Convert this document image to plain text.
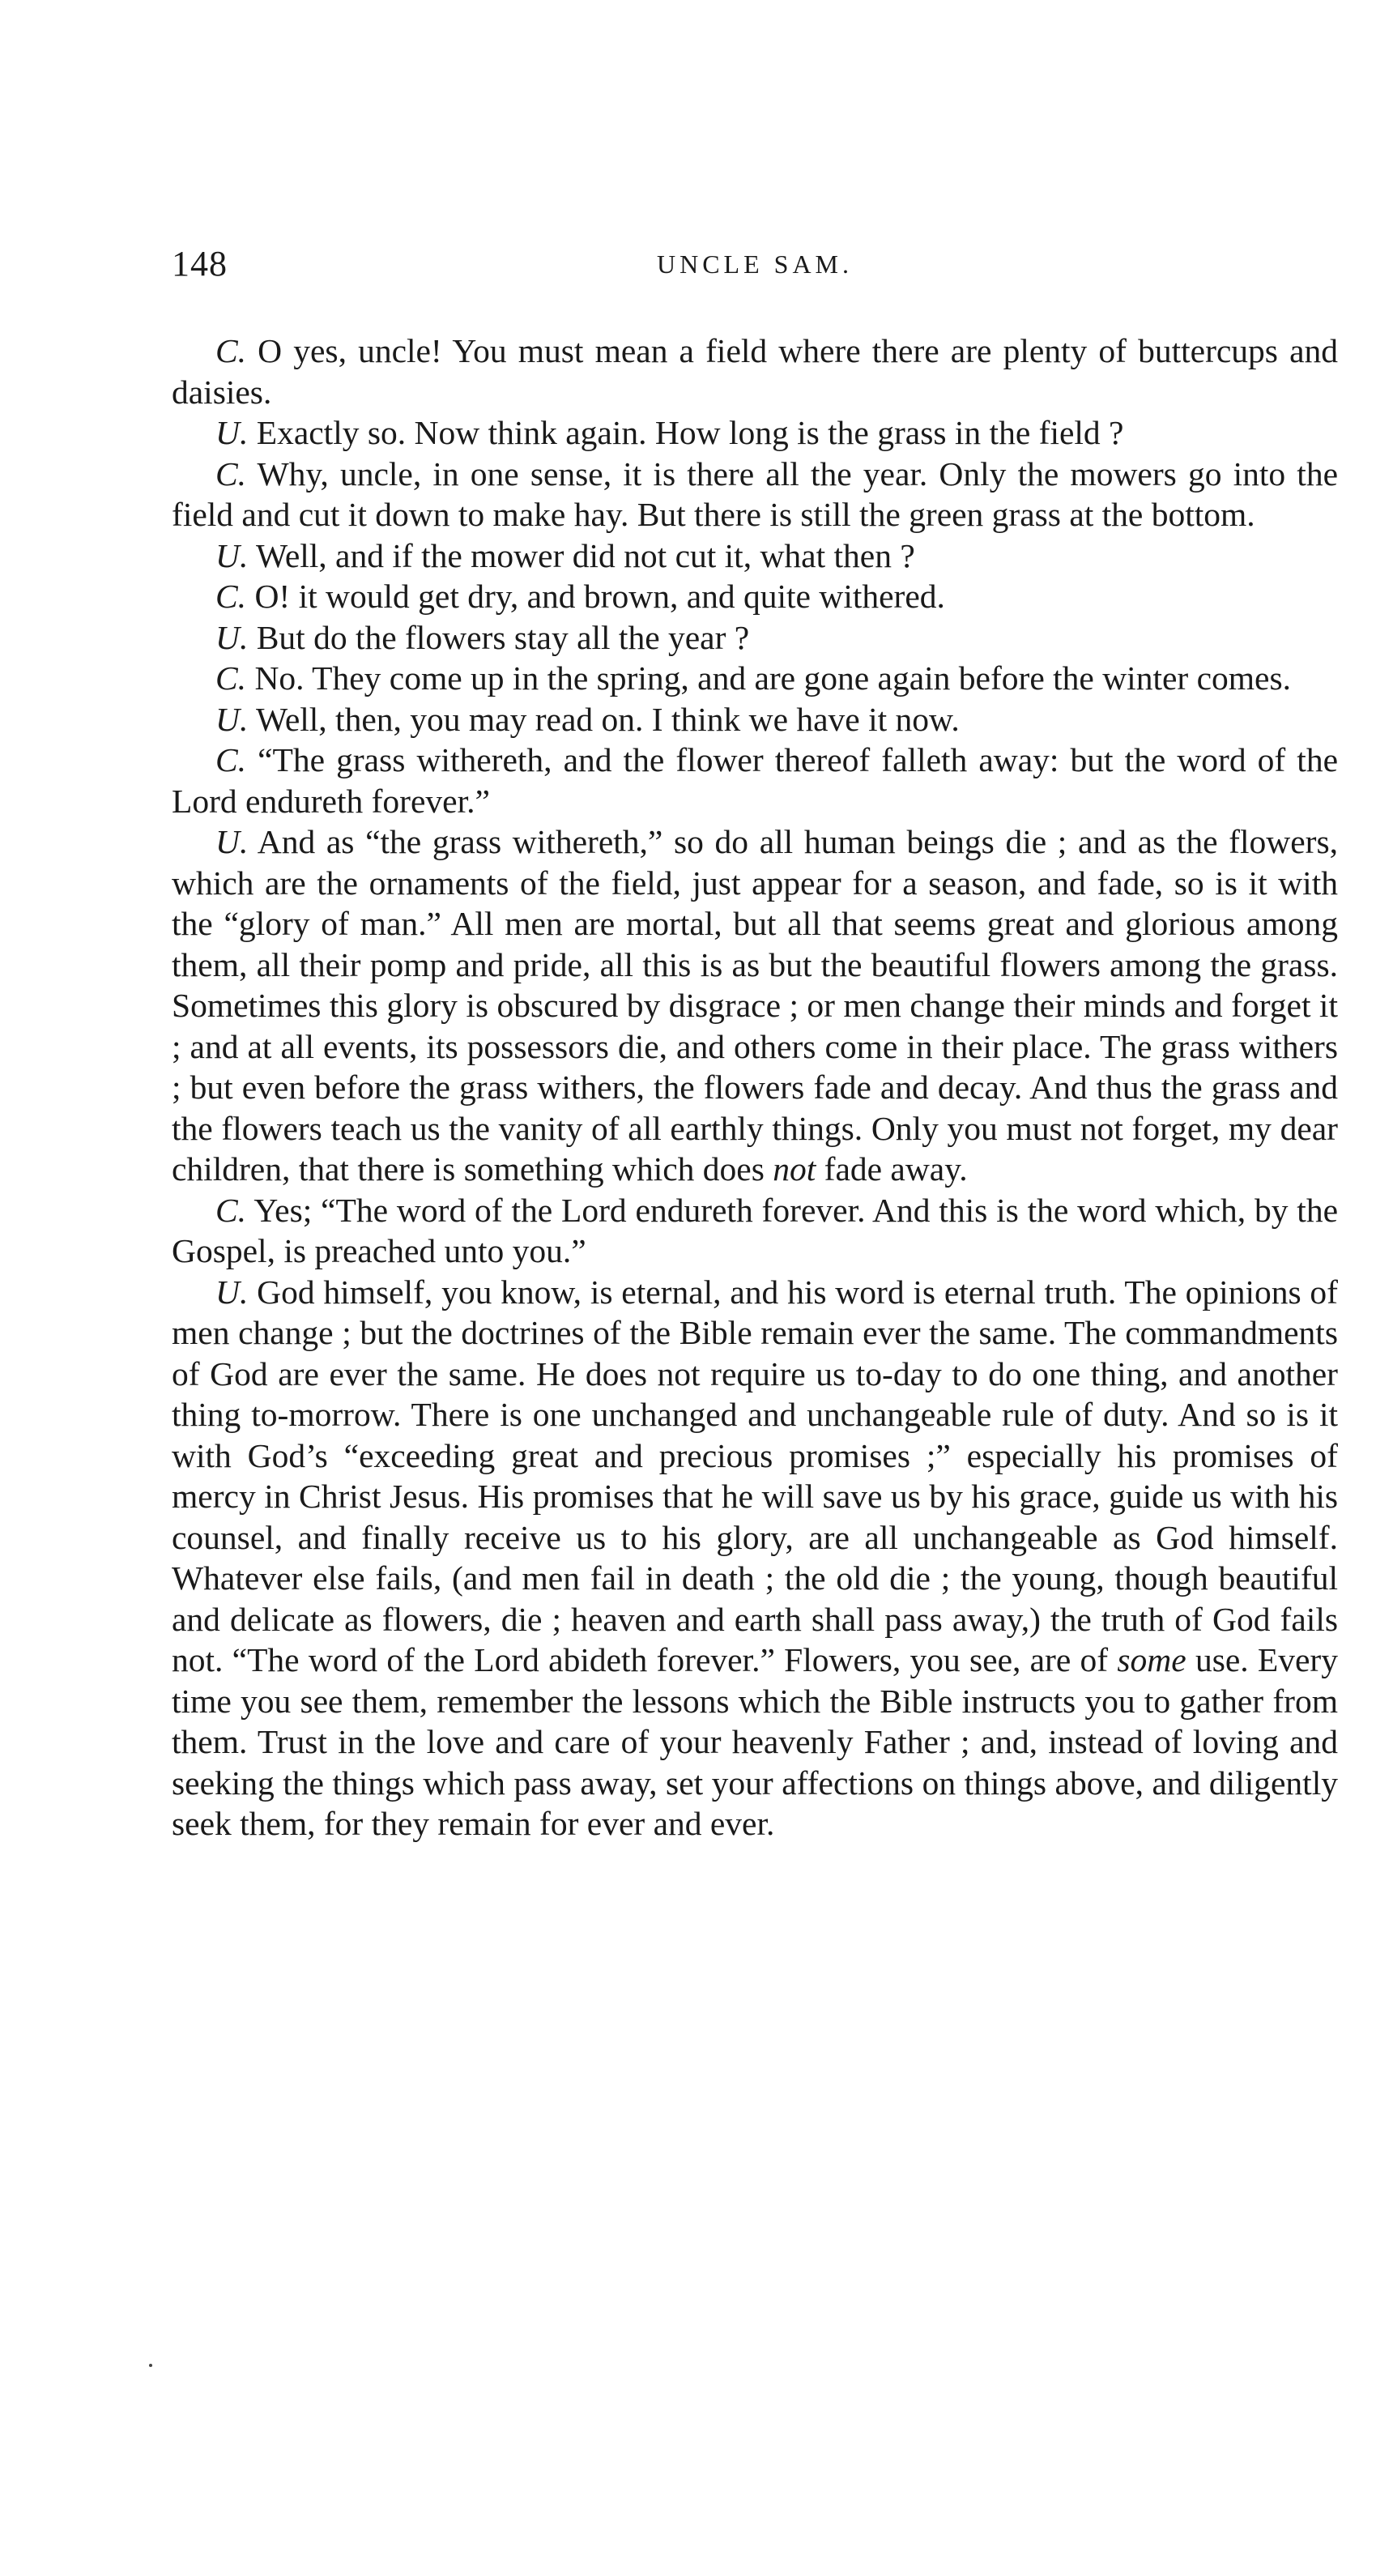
148	UNCLE SAM.

C. O yes, uncle! You must mean a field where there are plenty of buttercups and daisies.

U. Exactly so. Now think again. How long is the grass in the field ?

C. Why, uncle, in one sense, it is there all the year. Only the mowers go into the field and cut it down to make hay. But there is still the green grass at the bottom.

U. Well, and if the mower did not cut it, what then ?

C. O! it would get dry, and brown, and quite withered.

U. But do the flowers stay all the year ?

C. No. They come up in the spring, and are gone again before the winter comes.

U. Well, then, you may read on. I think we have it now.

C. “The grass withereth, and the flower thereof falleth away: but the word of the Lord endureth forever.”

U. And as “the grass withereth,” so do all human beings die ; and as the flowers, which are the ornaments of the field, just appear for a season, and fade, so is it with the “glory of man.” All men are mortal, but all that seems great and glorious among them, all their pomp and pride, all this is as but the beautiful flowers among the grass. Sometimes this glory is obscured by disgrace ; or men change their minds and forget it ; and at all events, its possessors die, and others come in their place. The grass withers ; but even before the grass withers, the flowers fade and decay. And thus the grass and the flowers teach us the vanity of all earthly things. Only you must not forget, my dear children, that there is something which does not fade away.

C. Yes; “The word of the Lord endureth forever. And this is the word which, by the Gospel, is preached unto you.”

U. God himself, you know, is eternal, and his word is eternal truth. The opinions of men change ; but the doctrines of the Bible remain ever the same. The commandments of God are ever the same. He does not require us to-day to do one thing, and another thing to-morrow. There is one unchanged and unchangeable rule of duty. And so is it with God’s “exceeding great and precious promises ;” especially his promises of mercy in Christ Jesus. His promises that he will save us by his grace, guide us with his counsel, and finally receive us to his glory, are all unchangeable as God himself. Whatever else fails, (and men fail in death ; the old die ; the young, though beautiful and delicate as flowers, die ; heaven and earth shall pass away,) the truth of God fails not. “The word of the Lord abideth forever.” Flowers, you see, are of some use. Every time you see them, remember the lessons which the Bible instructs you to gather from them. Trust in the love and care of your heavenly Father ; and, instead of loving and seeking the things which pass away, set your affections on things above, and diligently seek them, for they remain for ever and ever.
